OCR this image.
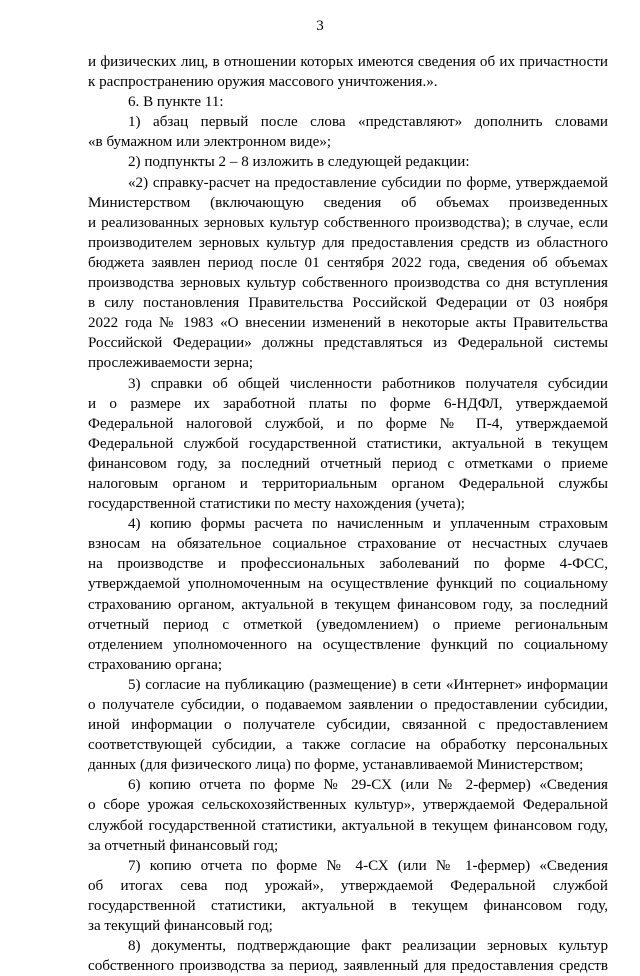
3
и физических лиц, в отношении которых имеются сведения об их причастности
к распространению оружия массового уничтожения.».
6. В пункте 11:
1) абзац первый после слова «представляют» дополнить словами
«в бумажном или электронном виде»;
2) подпункты 2 – 8 изложить в следующей редакции:
«2) справку-расчет на предоставление субсидии по форме, утверждаемой
Министерством (включающую сведения об объемах произведенных
и реализованных зерновых культур собственного производства); в случае, если
производителем зерновых культур для предоставления средств из областного
бюджета заявлен период после 01 сентября 2022 года, сведения об объемах
производства зерновых культур собственного производства со дня вступления
в силу постановления Правительства Российской Федерации от 03 ноября
2022 года № 1983 «О внесении изменений в некоторые акты Правительства
Российской Федерации» должны представляться из Федеральной системы
прослеживаемости зерна;
3) справки об общей численности работников получателя субсидии
и о размере их заработной платы по форме 6-НДФЛ, утверждаемой
Федеральной налоговой службой, и по форме № П-4, утверждаемой
Федеральной службой государственной статистики, актуальной в текущем
финансовом году, за последний отчетный период с отметками о приеме
налоговым органом и территориальным органом Федеральной службы
государственной статистики по месту нахождения (учета);
4) копию формы расчета по начисленным и уплаченным страховым
взносам на обязательное социальное страхование от несчастных случаев
на производстве и профессиональных заболеваний по форме 4-ФСС,
утверждаемой уполномоченным на осуществление функций по социальному
страхованию органом, актуальной в текущем финансовом году, за последний
отчетный период с отметкой (уведомлением) о приеме региональным
отделением уполномоченного на осуществление функций по социальному
страхованию органа;
5) согласие на публикацию (размещение) в сети «Интернет» информации
о получателе субсидии, о подаваемом заявлении о предоставлении субсидии,
иной информации о получателе субсидии, связанной с предоставлением
соответствующей субсидии, а также согласие на обработку персональных
данных (для физического лица) по форме, устанавливаемой Министерством;
6) копию отчета по форме № 29-СХ (или № 2-фермер) «Сведения
о сборе урожая сельскохозяйственных культур», утверждаемой Федеральной
службой государственной статистики, актуальной в текущем финансовом году,
за отчетный финансовый год;
7) копию отчета по форме № 4-СХ (или № 1-фермер) «Сведения
об итогах сева под урожай», утверждаемой Федеральной службой
государственной статистики, актуальной в текущем финансовом году,
за текущий финансовый год;
8) документы, подтверждающие факт реализации зерновых культур
собственного производства за период, заявленный для предоставления средств
